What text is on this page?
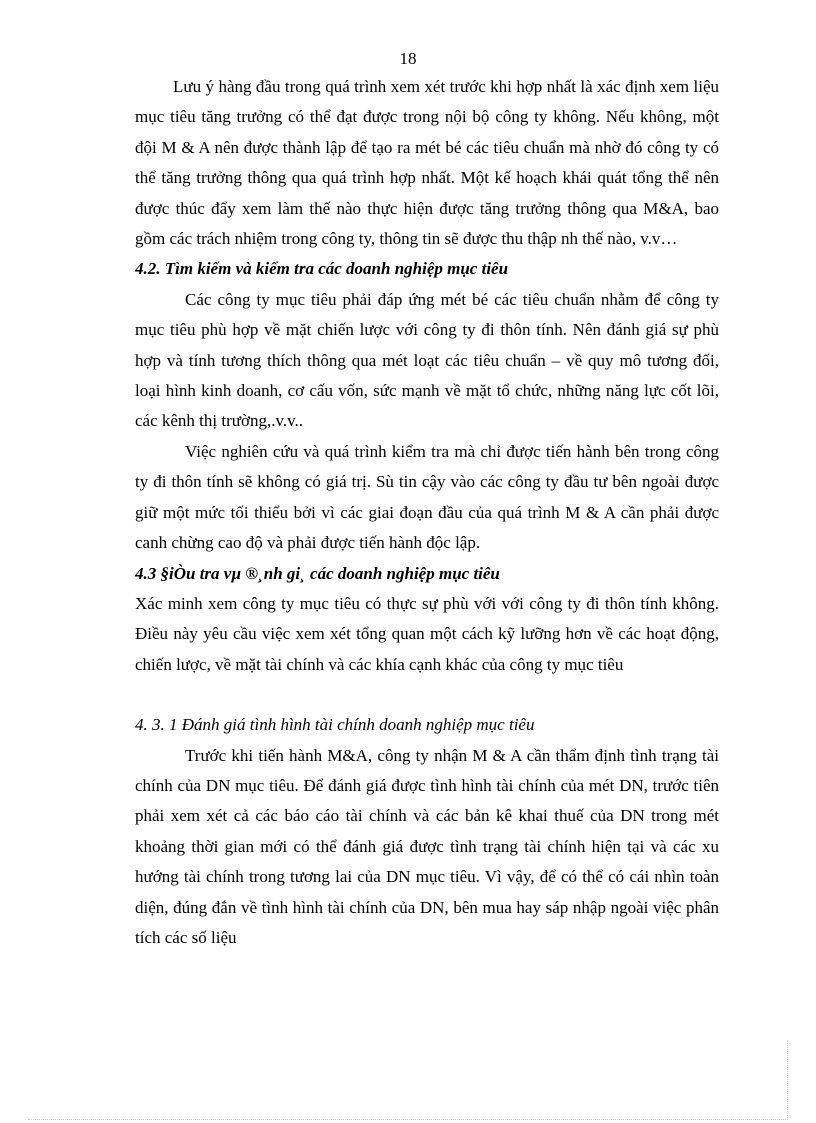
18

Lưu ý hàng đầu trong quá trình xem xét trước khi hợp nhất là xác định xem liệu mục tiêu tăng trưởng có thể đạt được trong nội bộ công ty không. Nếu không, một đội M & A nên được thành lập để tạo ra mét bé các tiêu chuẩn mà nhờ đó công ty có thể tăng trưởng thông qua quá trình hợp nhất. Một kế hoạch khái quát tổng thể nên được thúc đẩy xem làm thế nào thực hiện được tăng trưởng thông qua M&A, bao gồm các trách nhiệm trong công ty, thông tin sẽ được thu thập nh thế nào, v.v…

4.2. Tìm kiếm và kiểm tra các doanh nghiệp mục tiêu

Các công ty mục tiêu phải đáp ứng mét bé các tiêu chuẩn nhằm để công ty mục tiêu phù hợp về mặt chiến lược với công ty đi thôn tính. Nên đánh giá sự phù hợp và tính tương thích thông qua mét loạt các tiêu chuẩn – về quy mô tương đối, loại hình kinh doanh, cơ cấu vốn, sức mạnh về mặt tổ chức, những năng lực cốt lõi, các kênh thị trường,.v.v..

Việc nghiên cứu và quá trình kiểm tra mà chỉ được tiến hành bên trong công ty đi thôn tính sẽ không có giá trị. Sù tin cậy vào các công ty đầu tư bên ngoài được giữ một mức tối thiểu bởi vì các giai đoạn đầu của quá trình M & A cần phải được canh chừng cao độ và phải được tiến hành độc lập.

4.3 §iÒu tra vµ ®¸nh gi¸ các doanh nghiệp mục tiêu

Xác minh xem công ty mục tiêu có thực sự phù với với công ty đi thôn tính không. Điều này yêu cầu việc xem xét tổng quan một cách kỹ lưỡng hơn về các hoạt động, chiến lược, về mặt tài chính và các khía cạnh khác của công ty mục tiêu

4. 3. 1 Đánh giá tình hình tài chính doanh nghiệp mục tiêu

Trước khi tiến hành M&A, công ty nhận M & A cần thẩm định tình trạng tài chính của DN mục tiêu. Để đánh giá được tình hình tài chính của mét DN, trước tiên phải xem xét cả các báo cáo tài chính và các bản kê khai thuế của DN trong mét khoảng thời gian mới có thể đánh giá được tình trạng tài chính hiện tại và các xu hướng tài chính trong tương lai của DN mục tiêu. Vì vậy, để có thể có cái nhìn toàn diện, đúng đắn về tình hình tài chính của DN, bên mua hay sáp nhập ngoài việc phân tích các số liệu
